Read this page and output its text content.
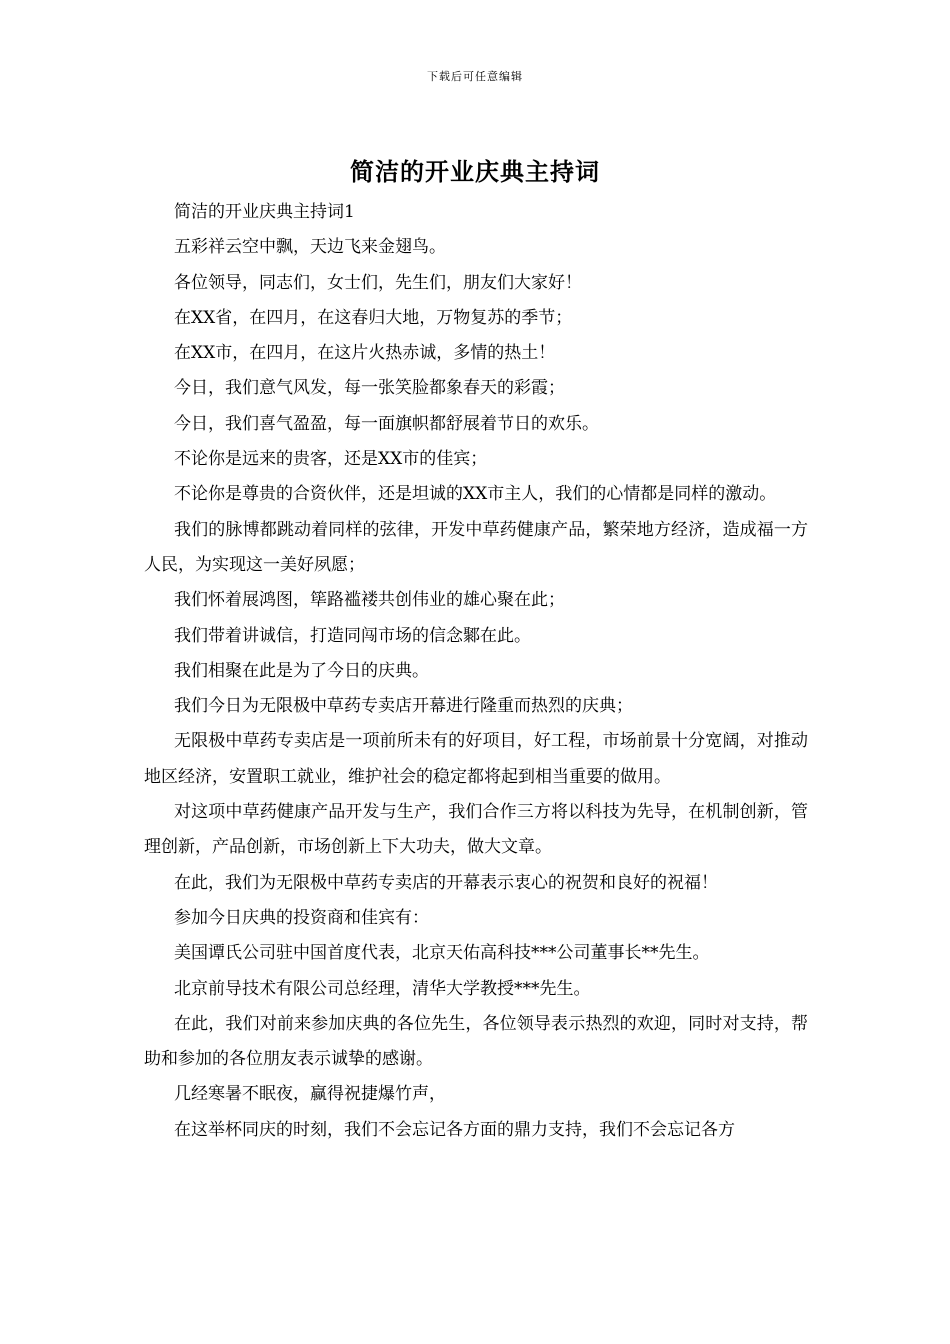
下载后可任意编辑
简洁的开业庆典主持词

简洁的开业庆典主持词1

五彩祥云空中飘，天边飞来金翅鸟。

各位领导，同志们，女士们，先生们，朋友们大家好！

在XX省，在四月，在这春归大地，万物复苏的季节；

在XX市，在四月，在这片火热赤诚，多情的热土！

今日，我们意气风发，每一张笑脸都象春天的彩霞；

今日，我们喜气盈盈，每一面旗帜都舒展着节日的欢乐。

不论你是远来的贵客，还是XX市的佳宾；

不论你是尊贵的合资伙伴，还是坦诚的XX市主人，我们的心情都是同样的激动。

我们的脉博都跳动着同样的弦律，开发中草药健康产品，繁荣地方经济，造成福一方人民，为实现这一美好夙愿；

我们怀着展鸿图，筚路褴褛共创伟业的雄心聚在此；

我们带着讲诚信，打造同闯市场的信念鄹在此。

我们相聚在此是为了今日的庆典。

我们今日为无限极中草药专卖店开幕进行隆重而热烈的庆典；

无限极中草药专卖店是一项前所未有的好项目，好工程，市场前景十分宽阔，对推动地区经济，安置职工就业，维护社会的稳定都将起到相当重要的做用。

对这项中草药健康产品开发与生产，我们合作三方将以科技为先导，在机制创新，管理创新，产品创新，市场创新上下大功夫，做大文章。

在此，我们为无限极中草药专卖店的开幕表示衷心的祝贺和良好的祝福！

参加今日庆典的投资商和佳宾有：

美国谭氏公司驻中国首度代表，北京天佑高科技***公司董事长**先生。

北京前导技术有限公司总经理，清华大学教授***先生。

在此，我们对前来参加庆典的各位先生，各位领导表示热烈的欢迎，同时对支持，帮助和参加的各位朋友表示诚挚的感谢。

几经寒暑不眠夜，赢得祝捷爆竹声，

在这举杯同庆的时刻，我们不会忘记各方面的鼎力支持，我们不会忘记各方
